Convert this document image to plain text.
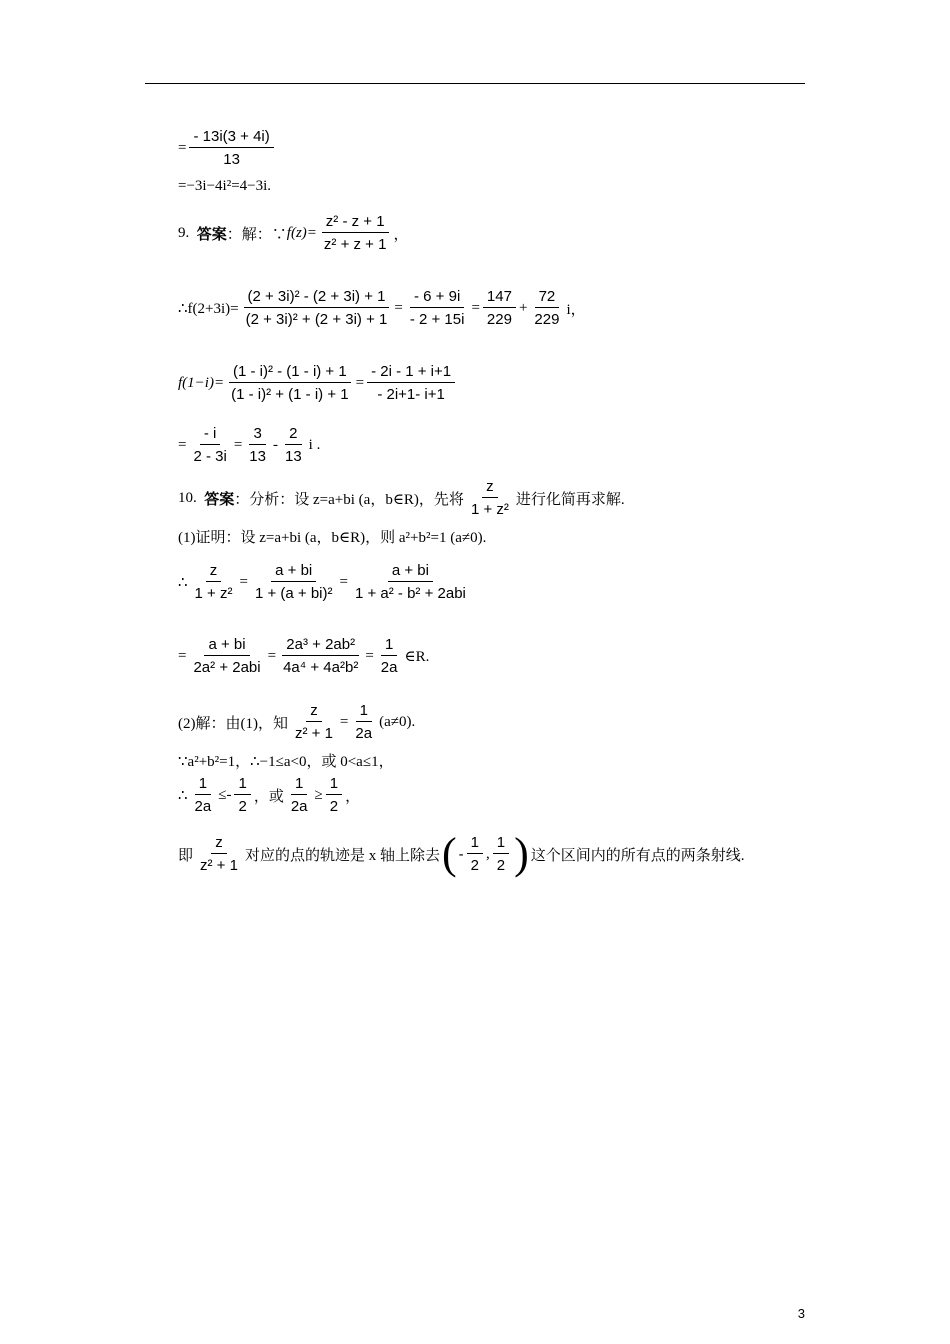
= $\frac{- 13i(3 + 4i)}{13}$
=−3i−4i²=4−3i.
9.
答案 ：解：∵ $f(z)= \frac{\text{z² - z + 1}}{\text{z² + z + 1}}$ ，
∴f(2+3i)= $\frac{\text{(2 + 3i)² - (2 + 3i) + 1}}{\text{(2 + 3i)² + (2 + 3i) + 1}} = \frac{- 6 + 9i}{- 2 + 15i} = \frac{147}{229} + \frac{72}{229}$ i，
$f(1-i)= \frac{\text{(1 - i)² - (1 - i) + 1}}{\text{(1 - i)² + (1 - i) + 1}} = \frac{- 2i - 1 + i+1}{- 2i+1- i+1}$
= $\frac{- i}{2 - 3i} = \frac{3}{13} - \frac{2}{13}$ i .
10.
答案 ：分析：设 z=a+bi (a，b∈R)，先将 $\frac{z}{\text{1 + z²}}$ 进行化简再求解.
(1)证明：设 z=a+bi (a，b∈R)，则 a²+b²=1 (a≠0).
∴ $\frac{z}{\text{1 + z²}} = \frac{a + bi}{\text{1 + (a + bi)²}} = \frac{a + bi}{\text{1 + a² - b² + 2abi}}$
= $\frac{a + bi}{\text{2a² + 2abi}} = \frac{\text{2a³ + 2ab²}}{\text{4a⁴ + 4a²b²}} = \frac{1}{2a}$ ∈R.
(2)解：由(1)，知 $\frac{z}{\text{z² + 1}} = \frac{1}{2a} (a\ne 0)$.
∵a²+b²=1，∴−1≤a<0，或 0<a≤1，
∴ $\frac{1}{2a} \le- \frac{1}{2}$ ，或 $\frac{1}{2a} \ge \frac{1}{2}$ ，
即 $\frac{z}{\text{z² + 1}}$ 对应的点的轨迹是 x 轴上除去 ( - $\frac{1}{2}$ , $\frac{1}{2}$ ) 这个区间内的所有点的两条射线.
3
